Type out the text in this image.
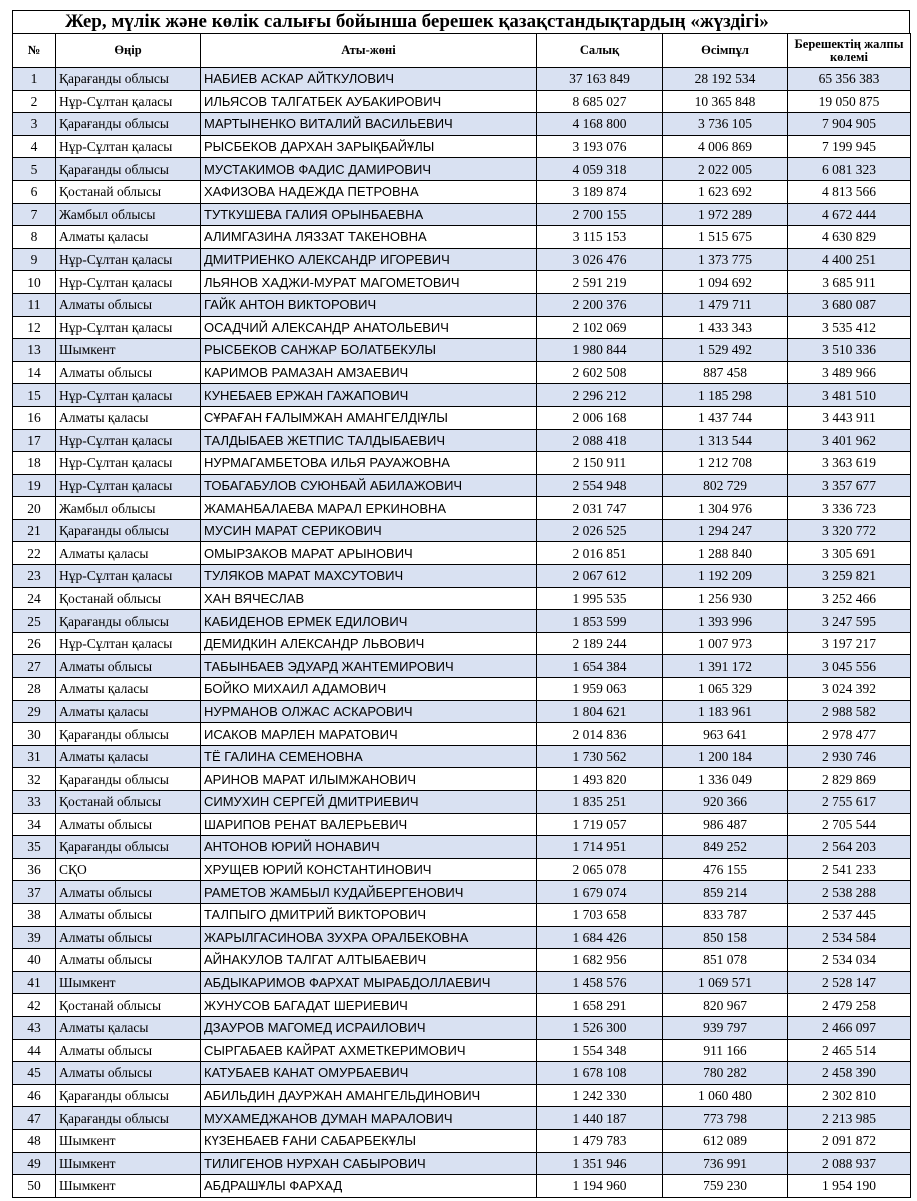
Жер, мүлік және көлік салығы бойынша берешек қазақстандықтардың «жүздігі»
№	Өңір	Аты-жөні	Салық	Өсімпұл	Берешектің жалпы
көлемі
1	Қарағанды облысы	НАБИЕВ АСКАР АЙТКУЛОВИЧ	37 163 849	28 192 534	65 356 383
2	Нұр-Сұлтан қаласы	ИЛЬЯСОВ ТАЛГАТБЕК АУБАКИРОВИЧ	8 685 027	10 365 848	19 050 875
3	Қарағанды облысы	МАРТЫНЕНКО ВИТАЛИЙ ВАСИЛЬЕВИЧ	4 168 800	3 736 105	7 904 905
4	Нұр-Сұлтан қаласы	РЫСБЕКОВ ДАРХАН ЗАРЫҚБАЙҰЛЫ	3 193 076	4 006 869	7 199 945
5	Қарағанды облысы	МУСТАКИМОВ ФАДИС ДАМИРОВИЧ	4 059 318	2 022 005	6 081 323
6	Қостанай облысы	ХАФИЗОВА НАДЕЖДА ПЕТРОВНА	3 189 874	1 623 692	4 813 566
7	Жамбыл облысы	ТУТКУШЕВА ГАЛИЯ ОРЫНБАЕВНА	2 700 155	1 972 289	4 672 444
8	Алматы қаласы	АЛИМГАЗИНА ЛЯЗЗАТ ТАКЕНОВНА	3 115 153	1 515 675	4 630 829
9	Нұр-Сұлтан қаласы	ДМИТРИЕНКО АЛЕКСАНДР ИГОРЕВИЧ	3 026 476	1 373 775	4 400 251
10	Нұр-Сұлтан қаласы	ЛЬЯНОВ ХАДЖИ-МУРАТ МАГОМЕТОВИЧ	2 591 219	1 094 692	3 685 911
11	Алматы облысы	ГАЙК АНТОН ВИКТОРОВИЧ	2 200 376	1 479 711	3 680 087
12	Нұр-Сұлтан қаласы	ОСАДЧИЙ АЛЕКСАНДР АНАТОЛЬЕВИЧ	2 102 069	1 433 343	3 535 412
13	Шымкент	РЫСБЕКОВ САНЖАР БОЛАТБЕКУЛЫ	1 980 844	1 529 492	3 510 336
14	Алматы облысы	КАРИМОВ РАМАЗАН АМЗАЕВИЧ	2 602 508	887 458	3 489 966
15	Нұр-Сұлтан қаласы	КУНЕБАЕВ ЕРЖАН ГАЖАПОВИЧ	2 296 212	1 185 298	3 481 510
16	Алматы қаласы	СҰРАҒАН ҒАЛЫМЖАН АМАНГЕЛДІҰЛЫ	2 006 168	1 437 744	3 443 911
17	Нұр-Сұлтан қаласы	ТАЛДЫБАЕВ ЖЕТПИС ТАЛДЫБАЕВИЧ	2 088 418	1 313 544	3 401 962
18	Нұр-Сұлтан қаласы	НУРМАГАМБЕТОВА ИЛЬЯ РАУАЖОВНА	2 150 911	1 212 708	3 363 619
19	Нұр-Сұлтан қаласы	ТОБАГАБУЛОВ СУЮНБАЙ АБИЛАЖОВИЧ	2 554 948	802 729	3 357 677
20	Жамбыл облысы	ЖАМАНБАЛАЕВА МАРАЛ ЕРКИНОВНА	2 031 747	1 304 976	3 336 723
21	Қарағанды облысы	МУСИН МАРАТ СЕРИКОВИЧ	2 026 525	1 294 247	3 320 772
22	Алматы қаласы	ОМЫРЗАКОВ МАРАТ АРЫНОВИЧ	2 016 851	1 288 840	3 305 691
23	Нұр-Сұлтан қаласы	ТУЛЯКОВ МАРАТ МАХСУТОВИЧ	2 067 612	1 192 209	3 259 821
24	Қостанай облысы	ХАН ВЯЧЕСЛАВ	1 995 535	1 256 930	3 252 466
25	Қарағанды облысы	КАБИДЕНОВ ЕРМЕК ЕДИЛОВИЧ	1 853 599	1 393 996	3 247 595
26	Нұр-Сұлтан қаласы	ДЕМИДКИН АЛЕКСАНДР ЛЬВОВИЧ	2 189 244	1 007 973	3 197 217
27	Алматы облысы	ТАБЫНБАЕВ ЭДУАРД ЖАНТЕМИРОВИЧ	1 654 384	1 391 172	3 045 556
28	Алматы қаласы	БОЙКО МИХАИЛ АДАМОВИЧ	1 959 063	1 065 329	3 024 392
29	Алматы қаласы	НУРМАНОВ ОЛЖАС АСКАРОВИЧ	1 804 621	1 183 961	2 988 582
30	Қарағанды облысы	ИСАКОВ МАРЛЕН МАРАТОВИЧ	2 014 836	963 641	2 978 477
31	Алматы қаласы	ТЁ ГАЛИНА СЕМЕНОВНА	1 730 562	1 200 184	2 930 746
32	Қарағанды облысы	АРИНОВ МАРАТ ИЛЫМЖАНОВИЧ	1 493 820	1 336 049	2 829 869
33	Қостанай облысы	СИМУХИН СЕРГЕЙ ДМИТРИЕВИЧ	1 835 251	920 366	2 755 617
34	Алматы облысы	ШАРИПОВ РЕНАТ ВАЛЕРЬЕВИЧ	1 719 057	986 487	2 705 544
35	Қарағанды облысы	АНТОНОВ ЮРИЙ НОНАВИЧ	1 714 951	849 252	2 564 203
36	СҚО	ХРУЩЕВ ЮРИЙ КОНСТАНТИНОВИЧ	2 065 078	476 155	2 541 233
37	Алматы облысы	РАМЕТОВ ЖАМБЫЛ КУДАЙБЕРГЕНОВИЧ	1 679 074	859 214	2 538 288
38	Алматы облысы	ТАЛПЫГО ДМИТРИЙ ВИКТОРОВИЧ	1 703 658	833 787	2 537 445
39	Алматы облысы	ЖАРЫЛГАСИНОВА ЗУХРА ОРАЛБЕКОВНА	1 684 426	850 158	2 534 584
40	Алматы облысы	АЙНАКУЛОВ ТАЛГАТ АЛТЫБАЕВИЧ	1 682 956	851 078	2 534 034
41	Шымкент	АБДЫКАРИМОВ ФАРХАТ МЫРАБДОЛЛАЕВИЧ	1 458 576	1 069 571	2 528 147
42	Қостанай облысы	ЖУНУСОВ БАГАДАТ ШЕРИЕВИЧ	1 658 291	820 967	2 479 258
43	Алматы қаласы	ДЗАУРОВ МАГОМЕД ИСРАИЛОВИЧ	1 526 300	939 797	2 466 097
44	Алматы облысы	СЫРГАБАЕВ КАЙРАТ АХМЕТКЕРИМОВИЧ	1 554 348	911 166	2 465 514
45	Алматы облысы	КАТУБАЕВ КАНАТ ОМУРБАЕВИЧ	1 678 108	780 282	2 458 390
46	Қарағанды облысы	АБИЛЬДИН ДАУРЖАН АМАНГЕЛЬДИНОВИЧ	1 242 330	1 060 480	2 302 810
47	Қарағанды облысы	МУХАМЕДЖАНОВ ДУМАН МАРАЛОВИЧ	1 440 187	773 798	2 213 985
48	Шымкент	КҮЗЕНБАЕВ ҒАНИ САБАРБЕКҰЛЫ	1 479 783	612 089	2 091 872
49	Шымкент	ТИЛИГЕНОВ НУРХАН САБЫРОВИЧ	1 351 946	736 991	2 088 937
50	Шымкент	АБДРАШҰЛЫ ФАРХАД	1 194 960	759 230	1 954 190
